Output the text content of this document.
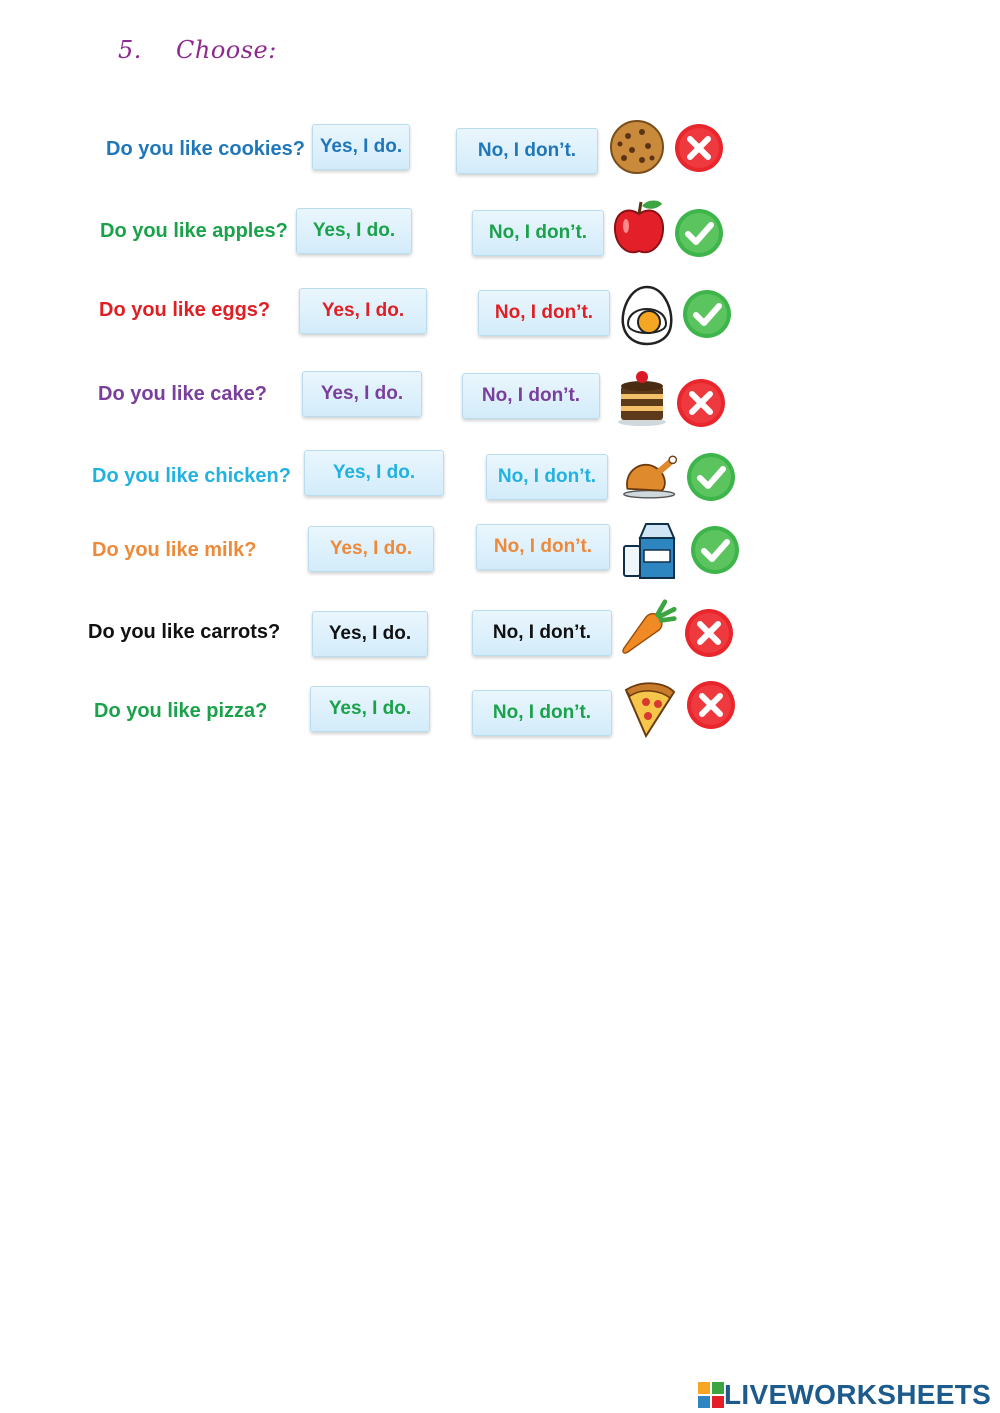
5. Choose:
Do you like cookies? Yes, I do.	No, I don’t.
Do you like apples?	Yes, I do.	No, I don’t.
Do you like eggs?	Yes, I do.	No, I don’t.
Do you like cake?	Yes, I do.	No, I don’t.
Do you like chicken?	Yes, I do.	No, I don’t.
Do you like milk?	Yes, I do.	No, I don’t.
Do you like carrots?	Yes, I do.	No, I don’t.
Do you like pizza?	Yes, I do.	No, I don’t.
LIVEWORKSHEETS
